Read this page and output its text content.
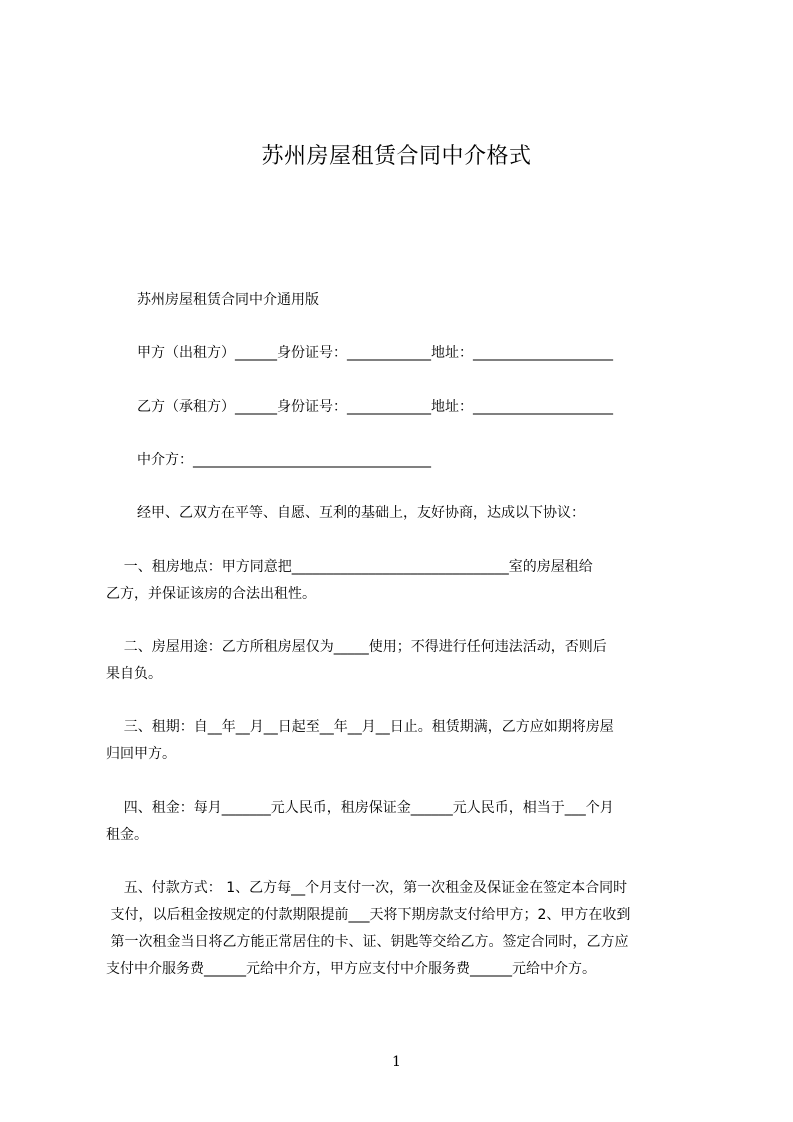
苏州房屋租赁合同中介格式
苏州房屋租赁合同中介通用版
甲方（出租方）______身份证号：____________地址：____________________
乙方（承租方）______身份证号：____________地址：____________________
中介方：__________________________________
经甲、乙双方在平等、自愿、互利的基础上，友好协商，达成以下协议：
一、租房地点：甲方同意把_______________________________室的房屋租给
乙方，并保证该房的合法出租性。
二、房屋用途：乙方所租房屋仅为_____使用；不得进行任何违法活动，否则后
果自负。
三、租期：自__年__月__日起至__年__月__日止。租赁期满，乙方应如期将房屋
归回甲方。
四、租金：每月_______元人民币，租房保证金______元人民币，相当于___个月
租金。
五、付款方式： 1、乙方每__个月支付一次，第一次租金及保证金在签定本合同时
支付，以后租金按规定的付款期限提前___天将下期房款支付给甲方；2、甲方在收到
第一次租金当日将乙方能正常居住的卡、证、钥匙等交给乙方。签定合同时，乙方应
支付中介服务费______元给中介方，甲方应支付中介服务费______元给中介方。
1
